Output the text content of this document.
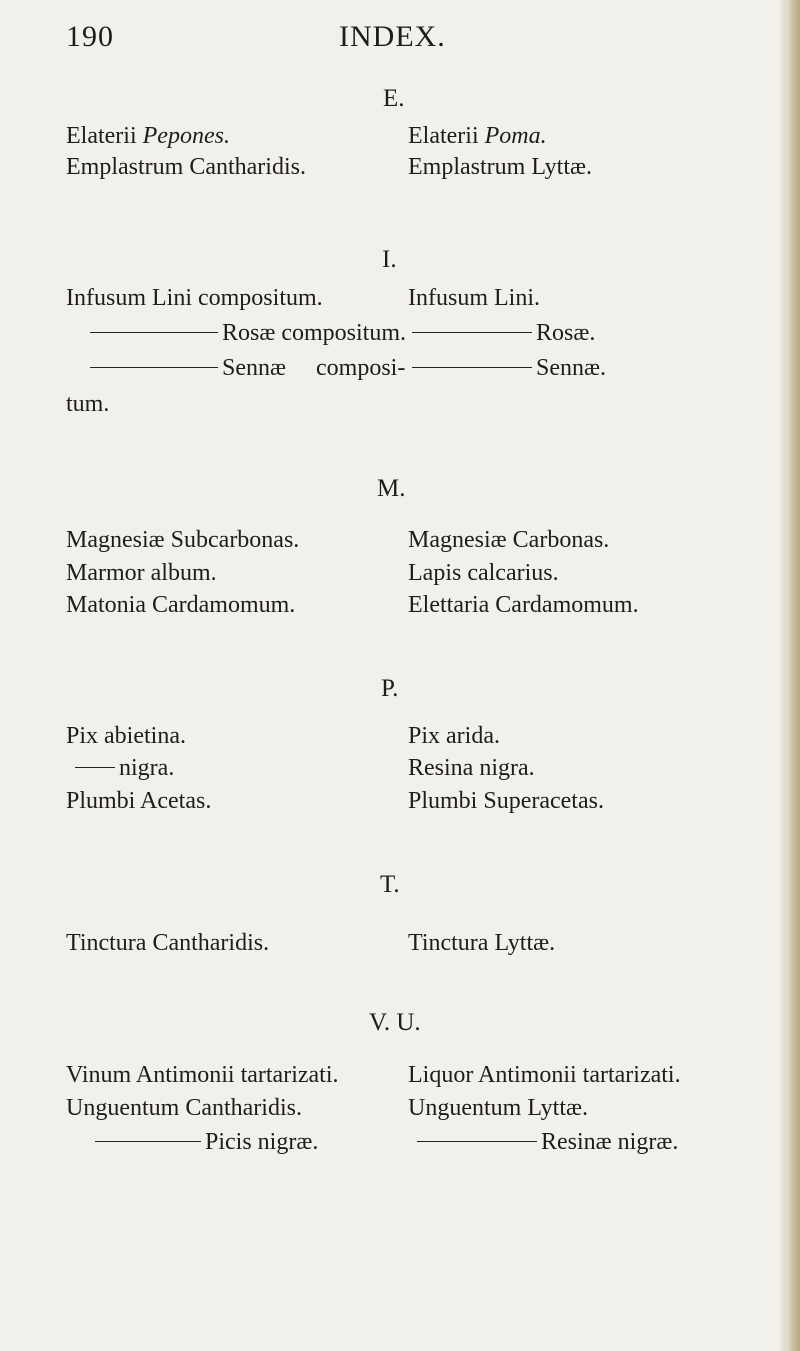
190	INDEX.
E.
Elaterii Pepones.
Emplastrum Cantharidis.
Elaterii Poma.
Emplastrum Lyttæ.
I.
Infusum Lini compositum.
Rosæ compositum.
Sennæ composi-
tum.
Infusum Lini.
Rosæ.
Sennæ.
M.
Magnesiæ Subcarbonas.
Marmor album.
Matonia Cardamomum.
Magnesiæ Carbonas.
Lapis calcarius.
Elettaria Cardamomum.
P.
Pix abietina.
nigra.
Plumbi Acetas.
Pix arida.
Resina nigra.
Plumbi Superacetas.
T.
Tinctura Cantharidis.	Tinctura Lyttæ.
V. U.
Vinum Antimonii tartarizati.
Unguentum Cantharidis.
Picis nigræ.
Liquor Antimonii tartarizati.
Unguentum Lyttæ.
Resinæ nigræ.
